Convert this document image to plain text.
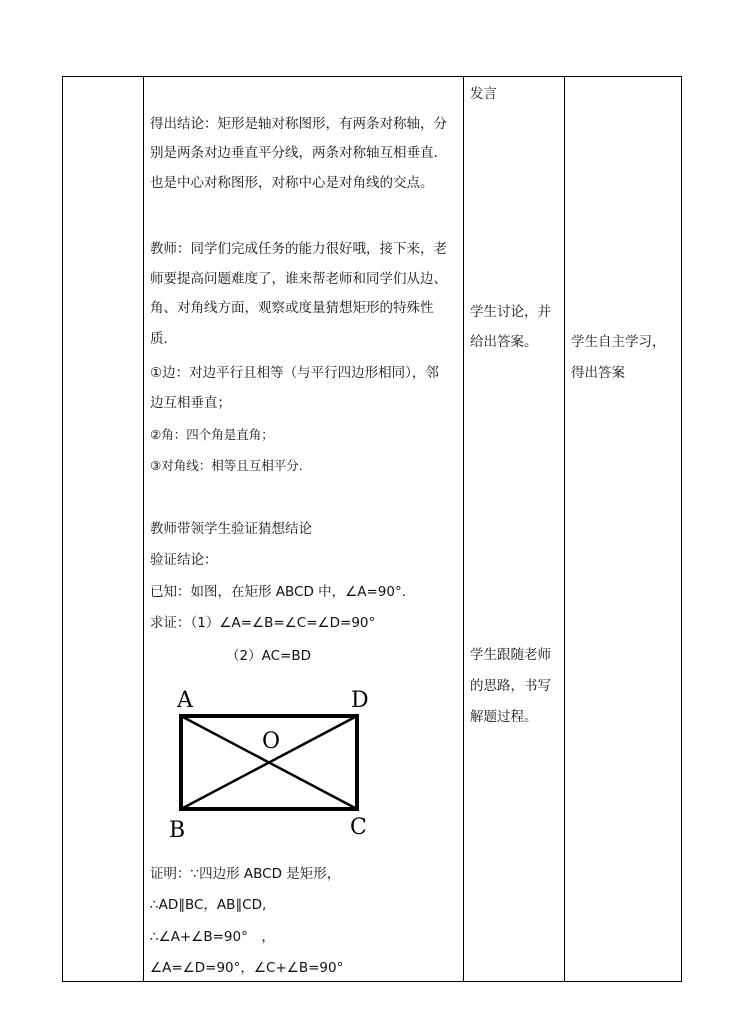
得出结论：矩形是轴对称图形，有两条对称轴，分
别是两条对边垂直平分线，两条对称轴互相垂直.
也是中心对称图形，对称中心是对角线的交点。
教师：同学们完成任务的能力很好哦，接下来，老
师要提高问题难度了，谁来帮老师和同学们从边、
角、对角线方面，观察或度量猜想矩形的特殊性
质.
①边：对边平行且相等（与平行四边形相同），邻
边互相垂直；
②角：四个角是直角；
③对角线：相等且互相平分.
教师带领学生验证猜想结论
验证结论：
已知：如图，在矩形 ABCD 中，∠A=90°．
求证：（1）∠A=∠B=∠C=∠D=90°
（2）AC=BD
A	D
B	C
O
证明：∵四边形 ABCD 是矩形，
∴AD∥BC，AB∥CD,
∴∠A+∠B=90°　，
∠A=∠D=90°，∠C+∠B=90°
发言
学生讨论，并
给出答案。
学生跟随老师
的思路，书写
解题过程。
学生自主学习，
得出答案
